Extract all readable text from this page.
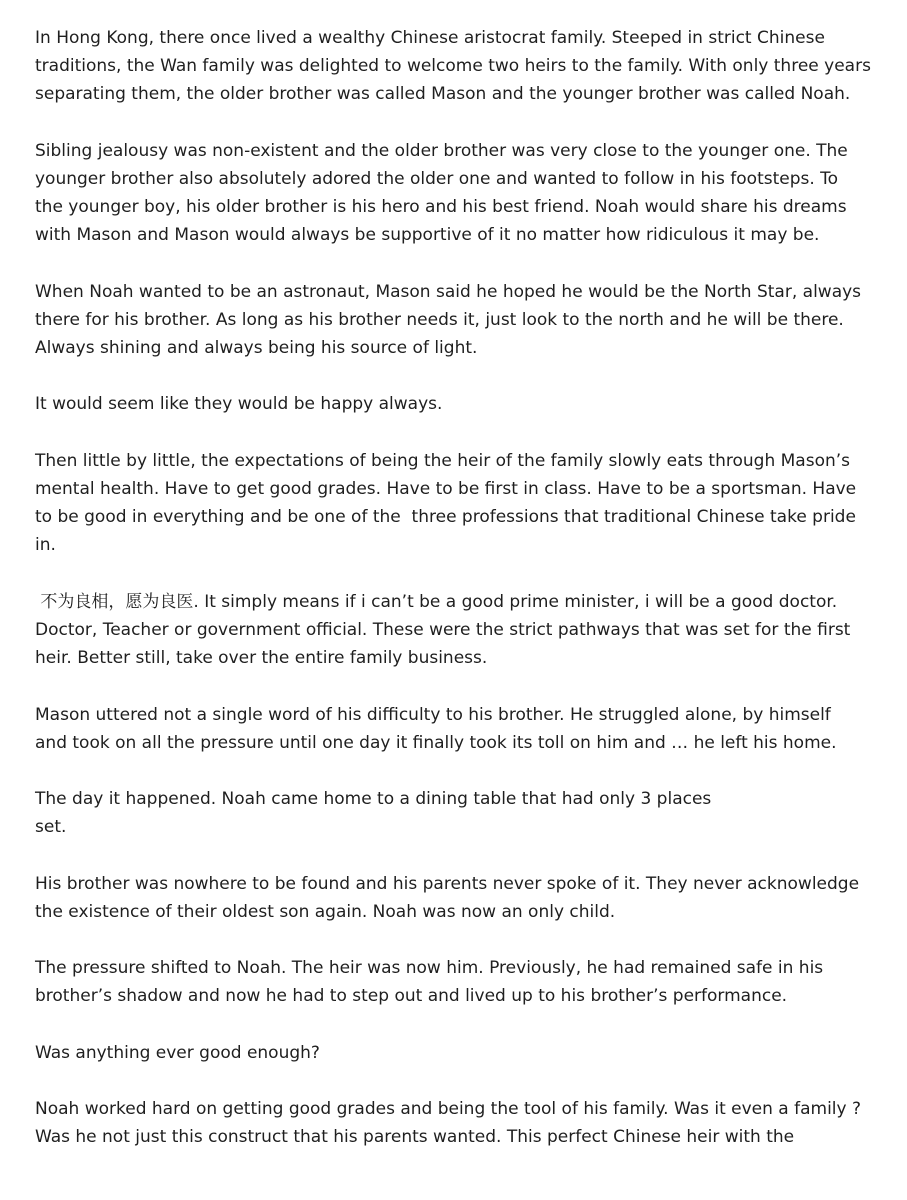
In Hong Kong, there once lived a wealthy Chinese aristocrat family. Steeped in strict Chinese
traditions, the Wan family was delighted to welcome two heirs to the family. With only three years
separating them, the older brother was called Mason and the younger brother was called Noah.
Sibling jealousy was non-existent and the older brother was very close to the younger one. The
younger brother also absolutely adored the older one and wanted to follow in his footsteps. To
the younger boy, his older brother is his hero and his best friend. Noah would share his dreams
with Mason and Mason would always be supportive of it no matter how ridiculous it may be.
When Noah wanted to be an astronaut, Mason said he hoped he would be the North Star, always
there for his brother. As long as his brother needs it, just look to the north and he will be there.
Always shining and always being his source of light.
It would seem like they would be happy always.
Then little by little, the expectations of being the heir of the family slowly eats through Mason’s
mental health. Have to get good grades. Have to be first in class. Have to be a sportsman. Have
to be good in everything and be one of the  three professions that traditional Chinese take pride
in.
不为良相，愿为良医. It simply means if i can’t be a good prime minister, i will be a good doctor.
Doctor, Teacher or government official. These were the strict pathways that was set for the first
heir. Better still, take over the entire family business.
Mason uttered not a single word of his difficulty to his brother. He struggled alone, by himself
and took on all the pressure until one day it finally took its toll on him and … he left his home.
The day it happened. Noah came home to a dining table that had only 3 places
set.
His brother was nowhere to be found and his parents never spoke of it. They never acknowledge
the existence of their oldest son again. Noah was now an only child.
The pressure shifted to Noah. The heir was now him. Previously, he had remained safe in his
brother’s shadow and now he had to step out and lived up to his brother’s performance.
Was anything ever good enough?
Noah worked hard on getting good grades and being the tool of his family. Was it even a family ?
Was he not just this construct that his parents wanted. This perfect Chinese heir with the
